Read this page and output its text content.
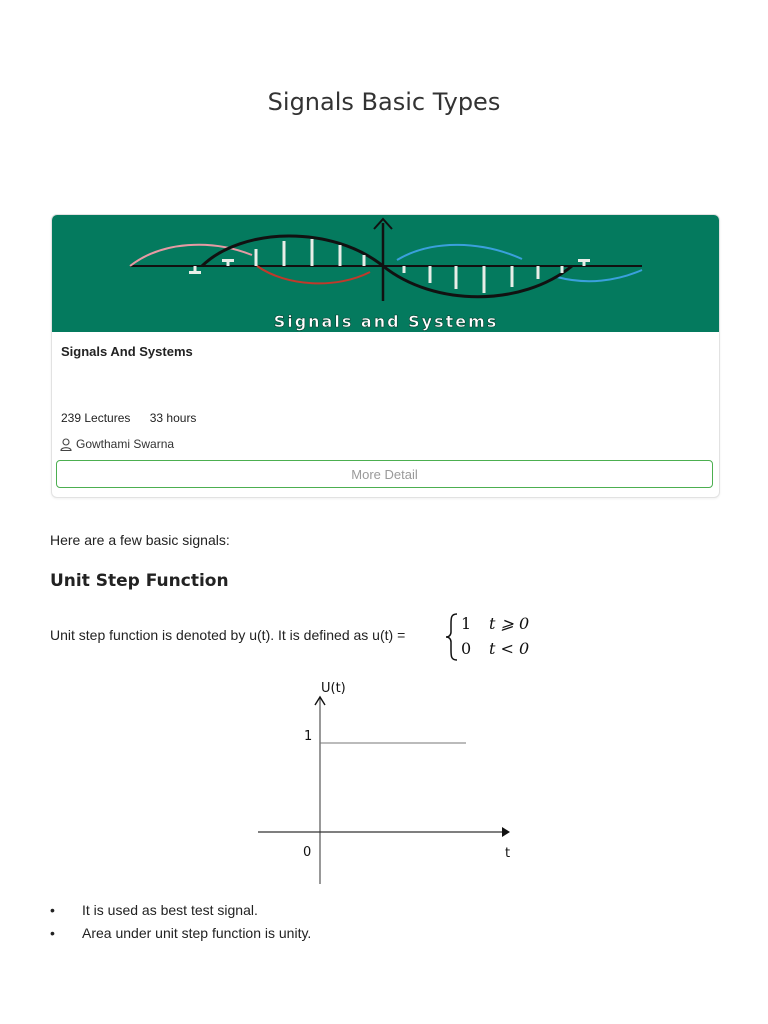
Signals Basic Types
Signals and Systems
Signals And Systems
239 Lectures 33 hours
Gowthami Swarna
More Detail

Here are a few basic signals:

Unit Step Function

Unit step function is denoted by u(t). It is defined as u(t) =

1 t ⩾ 0
0 t < 0
U(t)
1
0	t
• It is used as best test signal.
• Area under unit step function is unity.
